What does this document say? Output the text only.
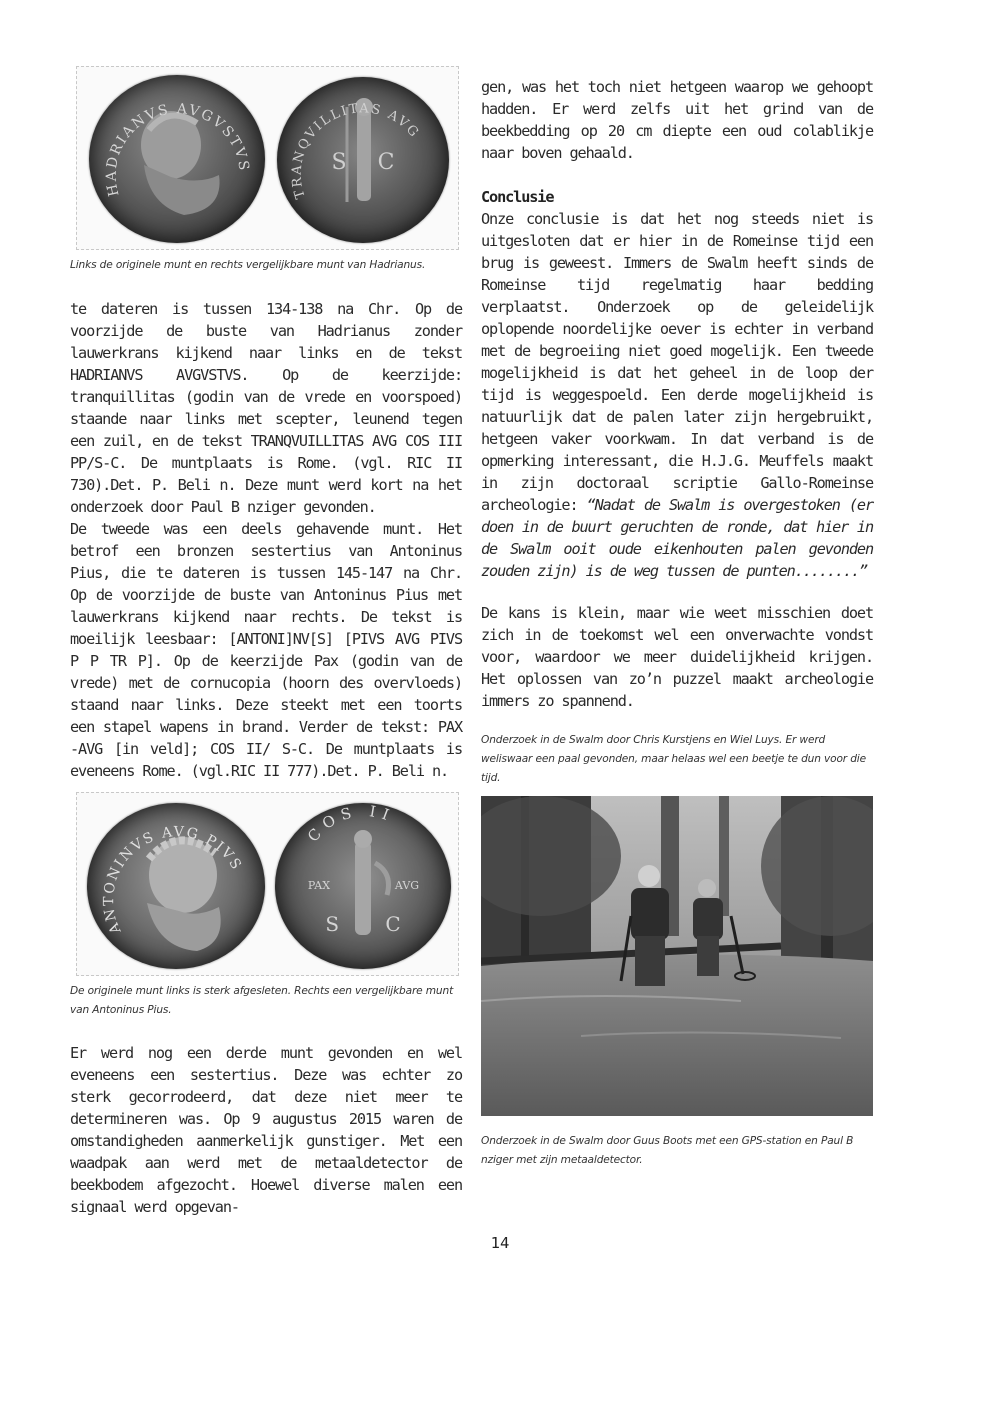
HADRIANVS AVGVSTVS	S C
TRANQVILLITAS AVG

Links de originele munt en rechts vergelijkbare munt van Hadrianus.

te dateren is tussen 134-138 na Chr. Op de voorzijde de buste van Hadrianus zonder lauwerkrans kijkend naar links en de tekst HADRIANVS AVGVSTVS. Op de keerzijde: tranquillitas (godin van de vrede en voorspoed) staande naar links met scepter, leunend tegen een zuil, en de tekst TRANQVUILLITAS AVG COS III PP/S-C. De muntplaats is Rome. (vgl. RIC II 730).Det. P. Beli n. Deze munt werd kort na het onderzoek door Paul B nziger gevonden.

De tweede was een deels gehavende munt. Het betrof een bronzen sestertius van Antoninus Pius, die te dateren is tussen 145-147 na Chr. Op de voorzijde de buste van Antoninus Pius met lauwerkrans kijkend naar rechts. De tekst is moeilijk leesbaar: [ANTONI]NV[S] [PIVS AVG PIVS P P TR P]. Op de keerzijde Pax (godin van de vrede) met de cornucopia (hoorn des overvloeds) staand naar links. Deze steekt met een toorts een stapel wapens in brand. Verder de tekst: PAX -AVG [in veld]; COS II/ S-C. De muntplaats is eveneens Rome. (vgl.RIC II 777).Det. P. Beli n.

ANTONINVS AVG PIVS
PAX	AVG
S C
COS II

De originele munt links is sterk afgesleten. Rechts een vergelijkbare munt van Antoninus Pius.

Er werd nog een derde munt gevonden en wel eveneens een sestertius. Deze was echter zo sterk gecorrodeerd, dat deze niet meer te determineren was. Op 9 augustus 2015 waren de omstandigheden aanmerkelijk gunstiger. Met een waadpak aan werd met de metaaldetector de beekbodem afgezocht. Hoewel diverse malen een signaal werd opgevan-

gen, was het toch niet hetgeen waarop we gehoopt hadden. Er werd zelfs uit het grind van de beekbedding op 20 cm diepte een oud colablikje naar boven gehaald.

Conclusie

Onze conclusie is dat het nog steeds niet is uitgesloten dat er hier in de Romeinse tijd een brug is geweest. Immers de Swalm heeft sinds de Romeinse tijd regelmatig haar bedding verplaatst. Onderzoek op de geleidelijk oplopende noordelijke oever is echter in verband met de begroeiing niet goed mogelijk. Een tweede mogelijkheid is dat het geheel in de loop der tijd is weggespoeld. Een derde mogelijkheid is natuurlijk dat de palen later zijn hergebruikt, hetgeen vaker voorkwam. In dat verband is de opmerking interessant, die H.J.G. Meuffels maakt in zijn doctoraal scriptie Gallo-Romeinse archeologie: “Nadat de Swalm is overgestoken (er doen in de buurt geruchten de ronde, dat hier in de Swalm ooit oude eikenhouten palen gevonden zouden zijn) is de weg tussen de punten........”

De kans is klein, maar wie weet misschien doet zich in de toekomst wel een onverwachte vondst voor, waardoor we meer duidelijkheid krijgen. Het oplossen van zo’n puzzel maakt archeologie immers zo spannend.

Onderzoek in de Swalm door Chris Kurstjens en Wiel Luys. Er werd weliswaar een paal gevonden, maar helaas wel een beetje te dun voor die tijd.

Onderzoek in de Swalm door Guus Boots met een GPS-station en Paul B nziger met zijn metaaldetector.

14
